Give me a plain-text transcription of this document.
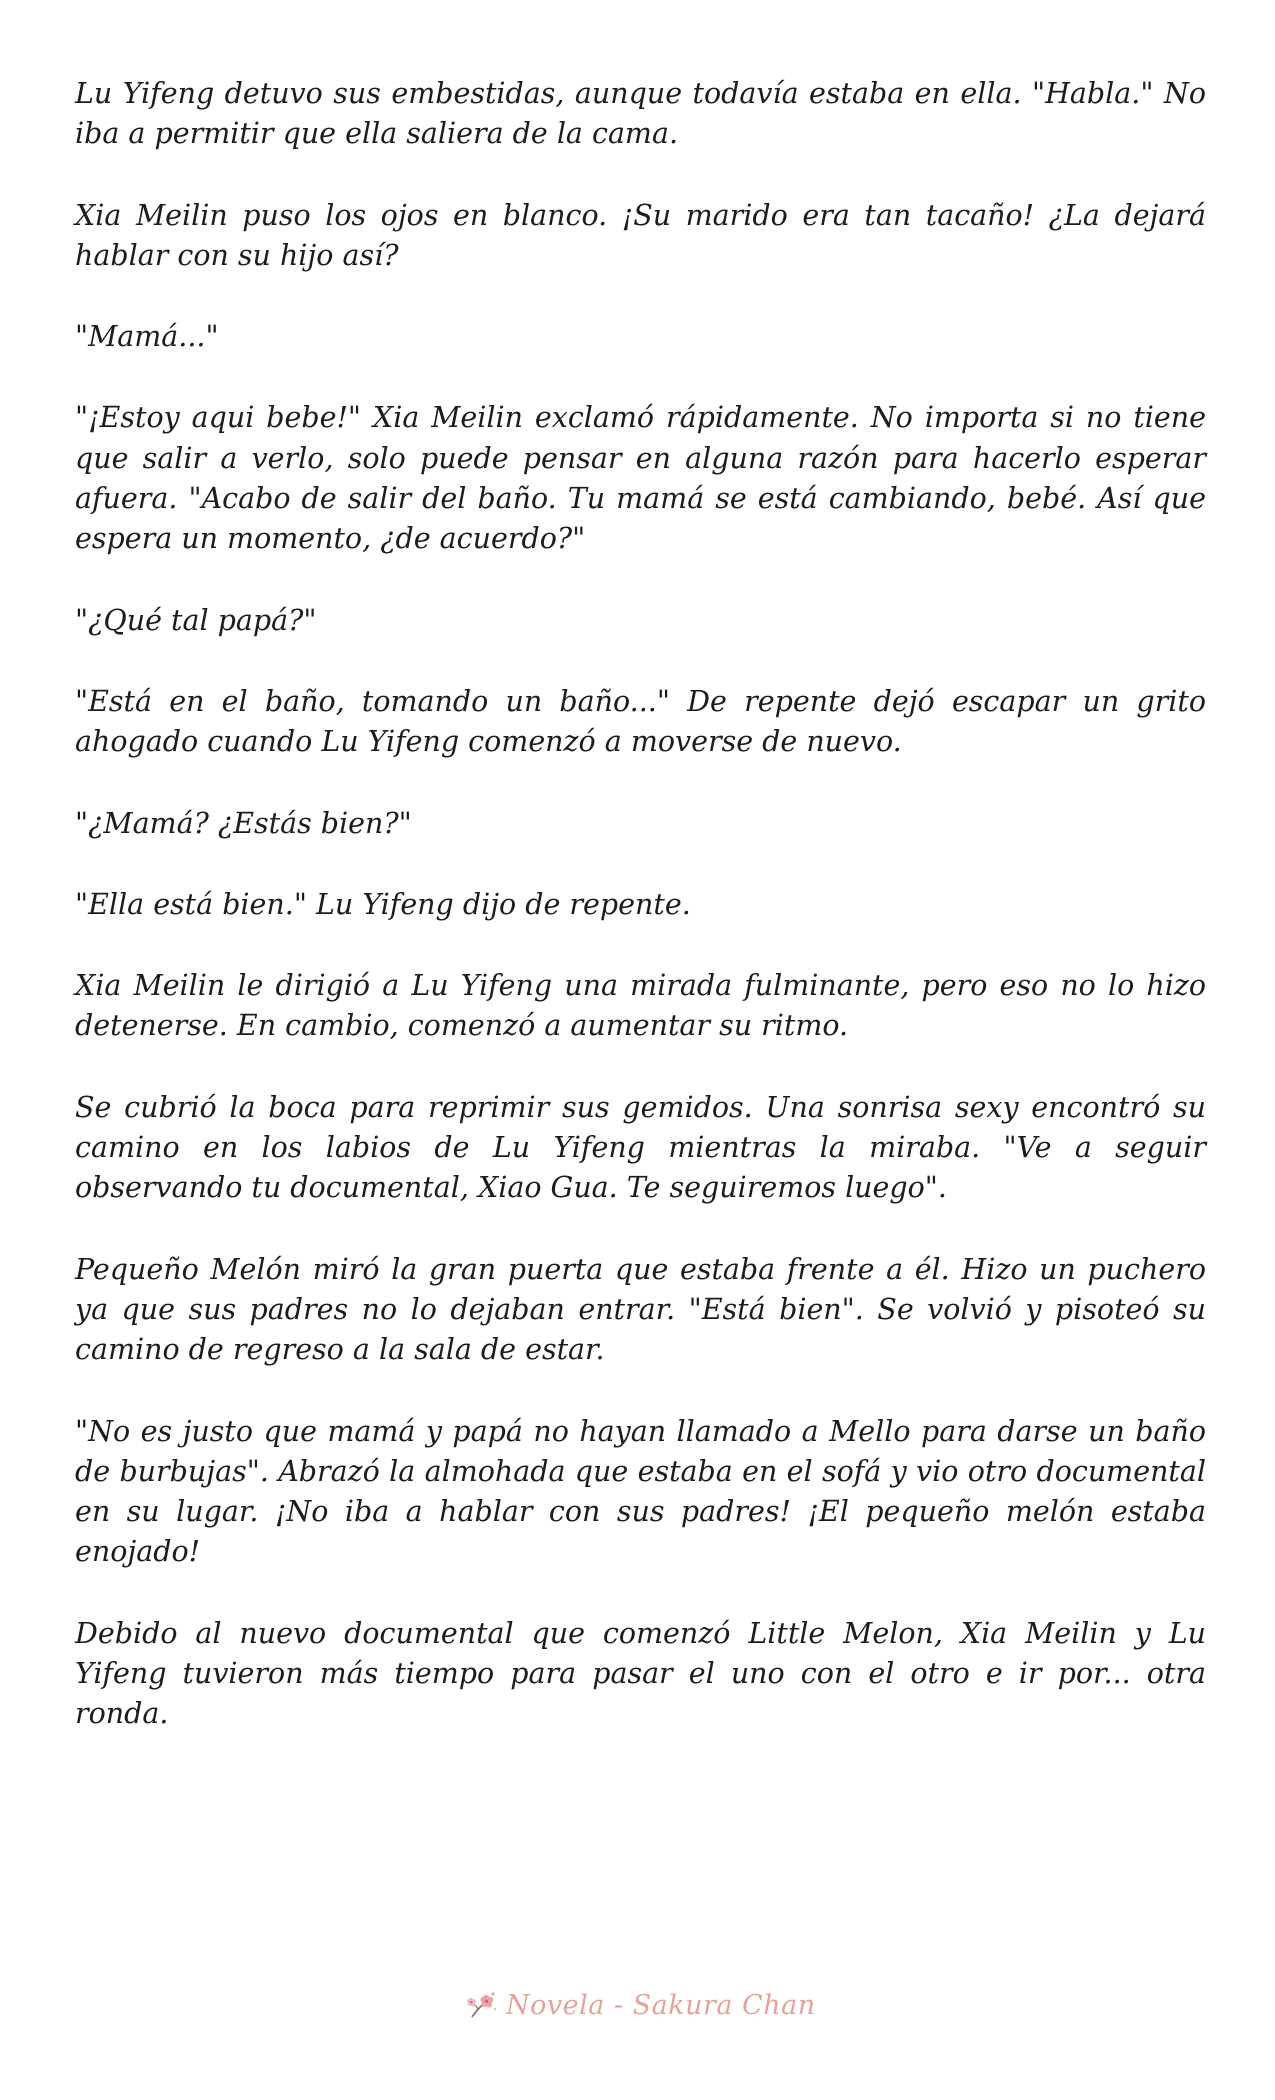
Lu Yifeng detuvo sus embestidas, aunque todavía estaba en ella. "Habla." No iba a permitir que ella saliera de la cama.

Xia Meilin puso los ojos en blanco. ¡Su marido era tan tacaño! ¿La dejará hablar con su hijo así?

"Mamá..."

"¡Estoy aqui bebe!" Xia Meilin exclamó rápidamente. No importa si no tiene que salir a verlo, solo puede pensar en alguna razón para hacerlo esperar afuera. "Acabo de salir del baño. Tu mamá se está cambiando, bebé. Así que espera un momento, ¿de acuerdo?"

"¿Qué tal papá?"

"Está en el baño, tomando un baño..." De repente dejó escapar un grito ahogado cuando Lu Yifeng comenzó a moverse de nuevo.

"¿Mamá? ¿Estás bien?"

"Ella está bien." Lu Yifeng dijo de repente.

Xia Meilin le dirigió a Lu Yifeng una mirada fulminante, pero eso no lo hizo detenerse. En cambio, comenzó a aumentar su ritmo.

Se cubrió la boca para reprimir sus gemidos. Una sonrisa sexy encontró su camino en los labios de Lu Yifeng mientras la miraba. "Ve a seguir observando tu documental, Xiao Gua. Te seguiremos luego".

Pequeño Melón miró la gran puerta que estaba frente a él. Hizo un puchero ya que sus padres no lo dejaban entrar. "Está bien". Se volvió y pisoteó su camino de regreso a la sala de estar.

"No es justo que mamá y papá no hayan llamado a Mello para darse un baño de burbujas". Abrazó la almohada que estaba en el sofá y vio otro documental en su lugar. ¡No iba a hablar con sus padres! ¡El pequeño melón estaba enojado!

Debido al nuevo documental que comenzó Little Melon, Xia Meilin y Lu Yifeng tuvieron más tiempo para pasar el uno con el otro e ir por... otra ronda.

Novela - Sakura Chan
